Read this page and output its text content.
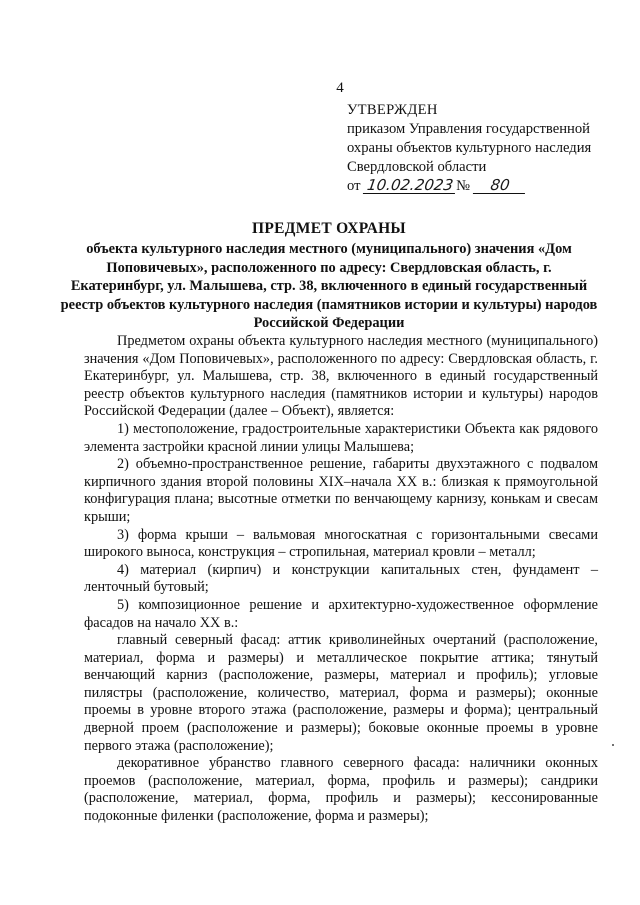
4
УТВЕРЖДЕН
приказом Управления государственной
охраны объектов культурного наследия
Свердловской области
от 10.02.2023 № 80
ПРЕДМЕТ ОХРАНЫ
объекта культурного наследия местного (муниципального) значения «Дом Поповичевых», расположенного по адресу: Свердловская область, г. Екатеринбург, ул. Малышева, стр. 38, включенного в единый государственный реестр объектов культурного наследия (памятников истории и культуры) народов Российской Федерации

Предметом охраны объекта культурного наследия местного (муниципального) значения «Дом Поповичевых», расположенного по адресу: Свердловская область, г. Екатеринбург, ул. Малышева, стр. 38, включенного в единый государственный реестр объектов культурного наследия (памятников истории и культуры) народов Российской Федерации (далее – Объект), является:

1) местоположение, градостроительные характеристики Объекта как рядового элемента застройки красной линии улицы Малышева;

2) объемно-пространственное решение, габариты двухэтажного с подвалом кирпичного здания второй половины XIX–начала XX в.: близкая к прямоугольной конфигурация плана; высотные отметки по венчающему карнизу, конькам и свесам крыши;

3) форма крыши – вальмовая многоскатная с горизонтальными свесами широкого выноса, конструкция – стропильная, материал кровли – металл;

4) материал (кирпич) и конструкции капитальных стен, фундамент – ленточный бутовый;

5) композиционное решение и архитектурно-художественное оформление фасадов на начало XX в.:

главный северный фасад: аттик криволинейных очертаний (расположение, материал, форма и размеры) и металлическое покрытие аттика; тянутый венчающий карниз (расположение, размеры, материал и профиль); угловые пилястры (расположение, количество, материал, форма и размеры); оконные проемы в уровне второго этажа (расположение, размеры и форма); центральный дверной проем (расположение и размеры); боковые оконные проемы в уровне первого этажа (расположение);

декоративное убранство главного северного фасада: наличники оконных проемов (расположение, материал, форма, профиль и размеры); сандрики (расположение, материал, форма, профиль и размеры); кессонированные подоконные филенки (расположение, форма и размеры);
